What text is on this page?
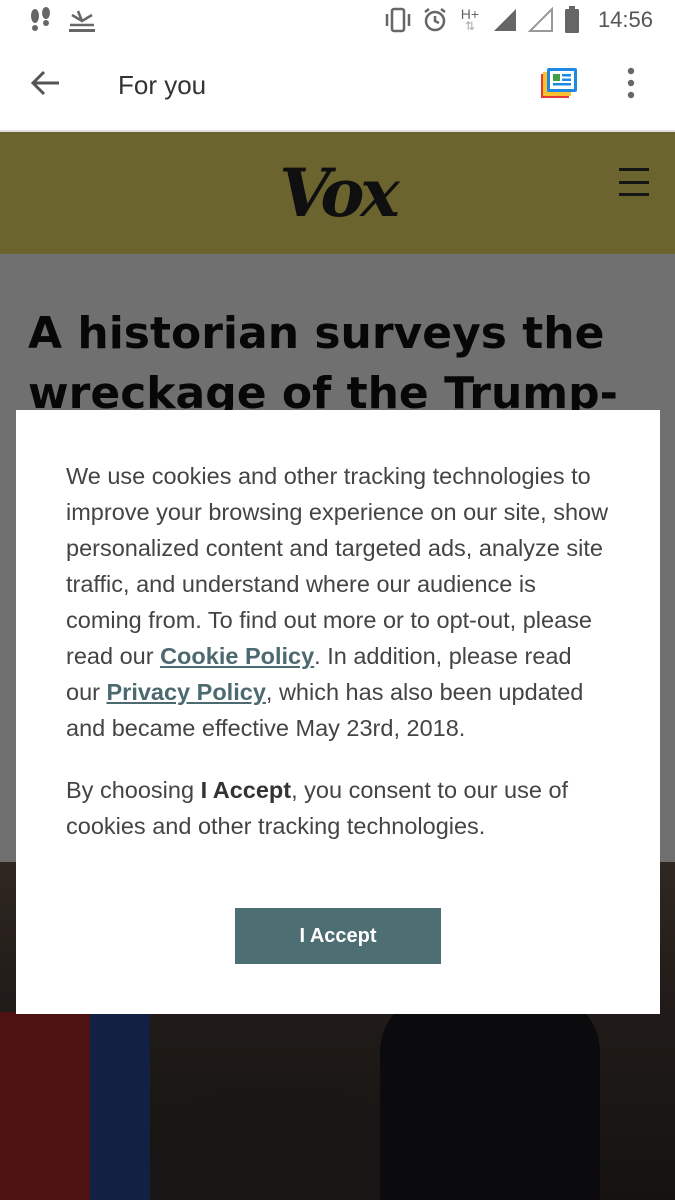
H+
⇅	14:56
For you

We use cookies and other tracking technologies to improve your browsing experience on our site, show personalized content and targeted ads, analyze site traffic, and understand where our audience is coming from. To find out more or to opt-out, please read our Cookie Policy. In addition, please read our Privacy Policy, which has also been updated and became effective May 23rd, 2018.

By choosing I Accept, you consent to our use of cookies and other tracking technologies.

I Accept
